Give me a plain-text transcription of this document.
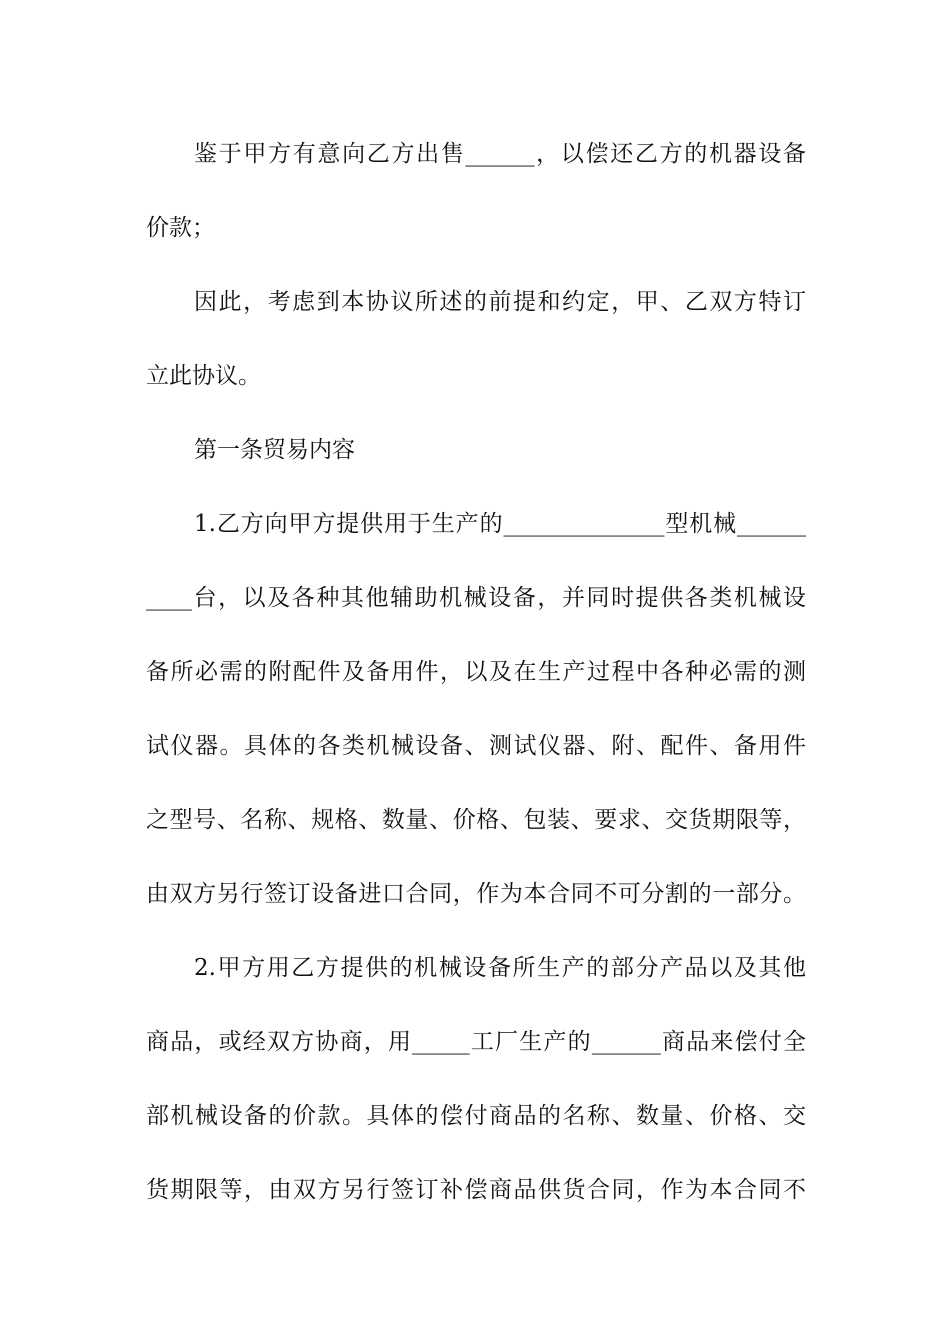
鉴于甲方有意向乙方出售______，以偿还乙方的机器设备
价款；
因此，考虑到本协议所述的前提和约定，甲、乙双方特订
立此协议。
第一条贸易内容
1.乙方向甲方提供用于生产的______________型机械______
____台，以及各种其他辅助机械设备，并同时提供各类机械设
备所必需的附配件及备用件，以及在生产过程中各种必需的测
试仪器。具体的各类机械设备、测试仪器、附、配件、备用件
之型号、名称、规格、数量、价格、包装、要求、交货期限等，
由双方另行签订设备进口合同，作为本合同不可分割的一部分。
2.甲方用乙方提供的机械设备所生产的部分产品以及其他
商品，或经双方协商，用_____工厂生产的______商品来偿付全
部机械设备的价款。具体的偿付商品的名称、数量、价格、交
货期限等，由双方另行签订补偿商品供货合同，作为本合同不
